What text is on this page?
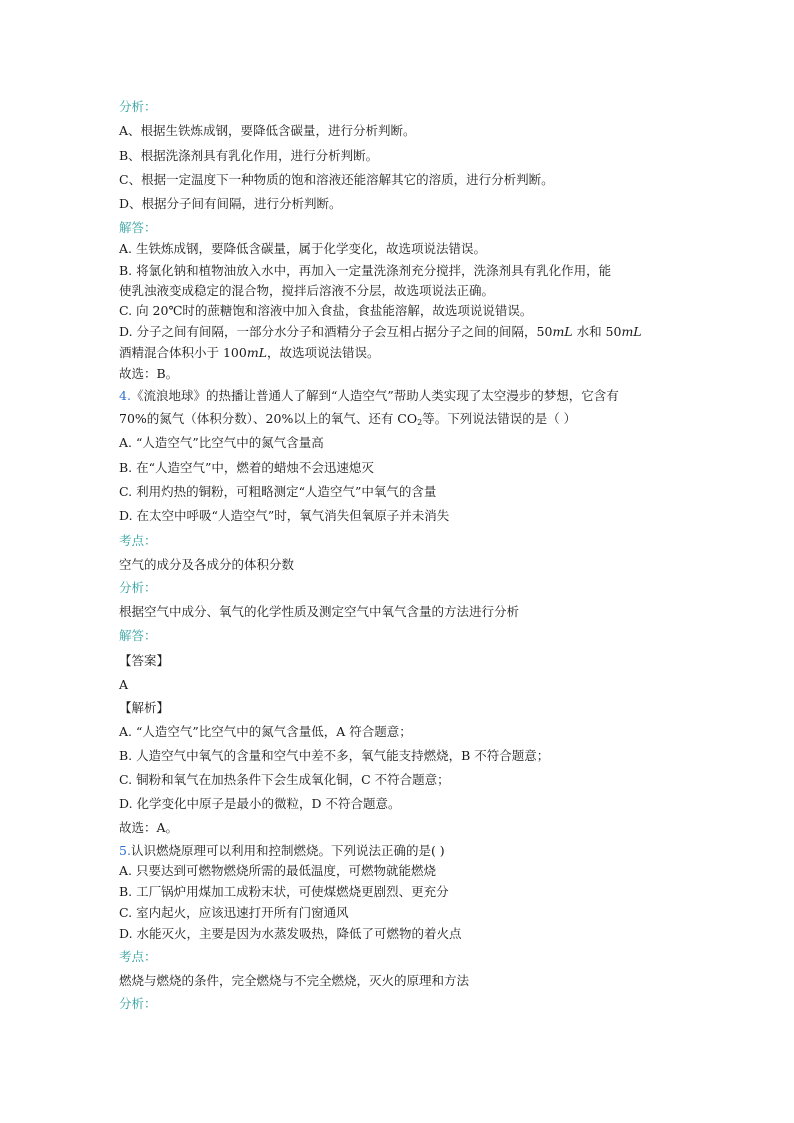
分析：
A、根据生铁炼成钢，要降低含碳量，进行分析判断。
B、根据洗涤剂具有乳化作用，进行分析判断。
C、根据一定温度下一种物质的饱和溶液还能溶解其它的溶质，进行分析判断。
D、根据分子间有间隔，进行分析判断。
解答：
A. 生铁炼成钢，要降低含碳量，属于化学变化，故选项说法错误。
B. 将氯化钠和植物油放入水中，再加入一定量洗涤剂充分搅拌，洗涤剂具有乳化作用，能
使乳浊液变成稳定的混合物，搅拌后溶液不分层，故选项说法正确。
C. 向 20℃时的蔗糖饱和溶液中加入食盐，食盐能溶解，故选项说说错误。
D. 分子之间有间隔，一部分水分子和酒精分子会互相占据分子之间的间隔，50mL 水和 50mL
酒精混合体积小于 100mL，故选项说法错误。
故选：B。
4.《流浪地球》的热播让普通人了解到“人造空气”帮助人类实现了太空漫步的梦想，它含有
70%的氮气（体积分数）、20%以上的氧气、还有 $CO_2$等。下列说法错误的是（ ）
A. “人造空气”比空气中的氮气含量高
B. 在“人造空气”中，燃着的蜡烛不会迅速熄灭
C. 利用灼热的铜粉，可粗略测定“人造空气”中氧气的含量
D. 在太空中呼吸“人造空气”时，氧气消失但氧原子并未消失
考点：
空气的成分及各成分的体积分数
分析：
根据空气中成分、氧气的化学性质及测定空气中氧气含量的方法进行分析
解答：
【答案】
A
【解析】
A. “人造空气”比空气中的氮气含量低，A 符合题意；
B. 人造空气中氧气的含量和空气中差不多，氧气能支持燃烧，B 不符合题意；
C. 铜粉和氧气在加热条件下会生成氧化铜，C 不符合题意；
D. 化学变化中原子是最小的微粒，D 不符合题意。
故选：A。
5.认识燃烧原理可以利用和控制燃烧。下列说法正确的是( )
A. 只要达到可燃物燃烧所需的最低温度，可燃物就能燃烧
B. 工厂锅炉用煤加工成粉末状，可使煤燃烧更剧烈、更充分
C. 室内起火，应该迅速打开所有门窗通风
D. 水能灭火，主要是因为水蒸发吸热，降低了可燃物的着火点
考点：
燃烧与燃烧的条件，完全燃烧与不完全燃烧，灭火的原理和方法
分析：
